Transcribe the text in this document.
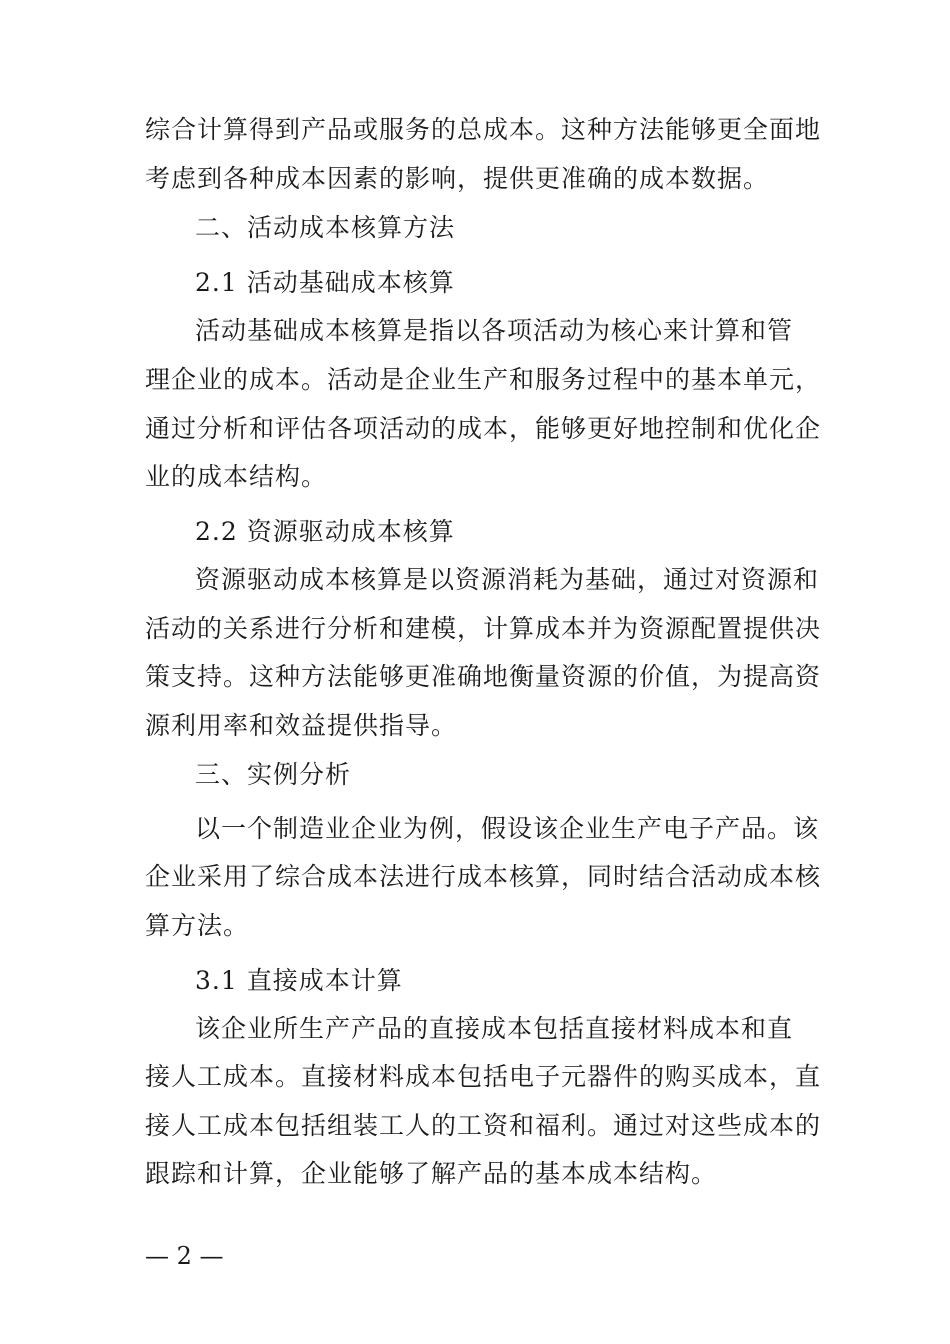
综合计算得到产品或服务的总成本。这种方法能够更全面地
考虑到各种成本因素的影响，提供更准确的成本数据。
二、活动成本核算方法
2.1 活动基础成本核算
活动基础成本核算是指以各项活动为核心来计算和管
理企业的成本。活动是企业生产和服务过程中的基本单元，
通过分析和评估各项活动的成本，能够更好地控制和优化企
业的成本结构。
2.2 资源驱动成本核算
资源驱动成本核算是以资源消耗为基础，通过对资源和
活动的关系进行分析和建模，计算成本并为资源配置提供决
策支持。这种方法能够更准确地衡量资源的价值，为提高资
源利用率和效益提供指导。
三、实例分析
以一个制造业企业为例，假设该企业生产电子产品。该
企业采用了综合成本法进行成本核算，同时结合活动成本核
算方法。
3.1 直接成本计算
该企业所生产产品的直接成本包括直接材料成本和直
接人工成本。直接材料成本包括电子元器件的购买成本，直
接人工成本包括组装工人的工资和福利。通过对这些成本的
跟踪和计算，企业能够了解产品的基本成本结构。
— 2 —
